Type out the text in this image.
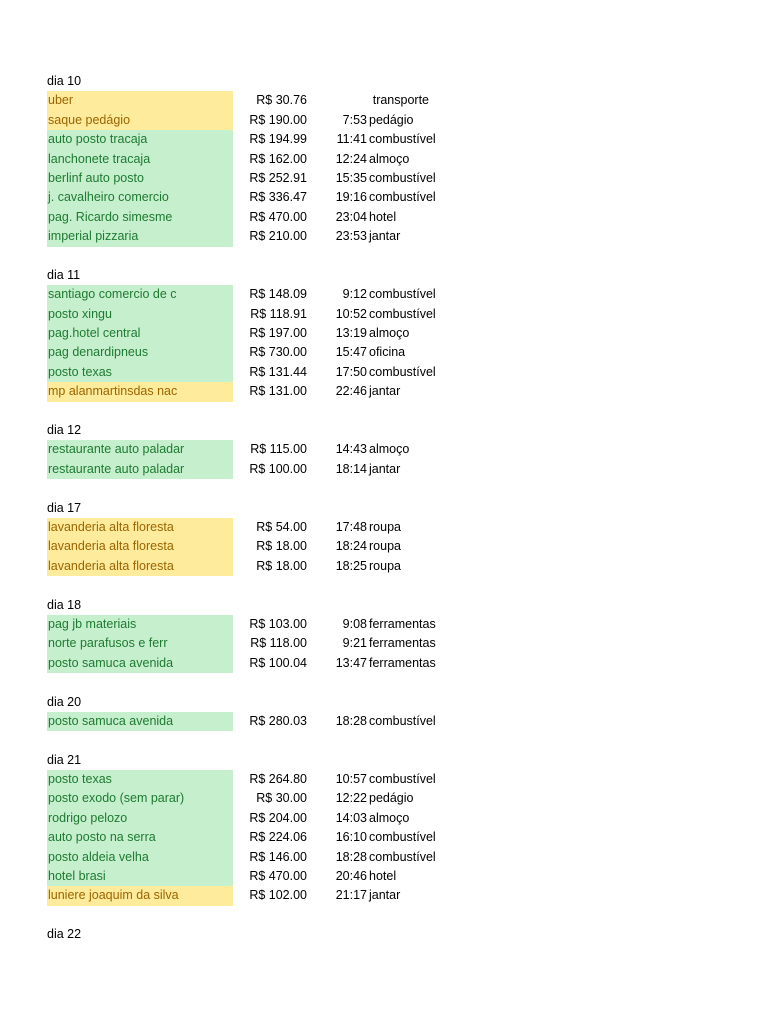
dia 10
uber	R$ 30.76	transporte
saque pedágio	R$ 190.00	7:53 pedágio
auto posto tracaja	R$ 194.99	11:41 combustível
lanchonete tracaja	R$ 162.00	12:24 almoço
berlinf auto posto	R$ 252.91	15:35 combustível
j. cavalheiro comercio	R$ 336.47	19:16 combustível
pag. Ricardo simesme	R$ 470.00	23:04 hotel
imperial pizzaria	R$ 210.00	23:53 jantar
dia 11
santiago comercio de c	R$ 148.09	9:12 combustível
posto xingu	R$ 118.91	10:52 combustível
pag.hotel central	R$ 197.00	13:19 almoço
pag denardipneus	R$ 730.00	15:47 oficina
posto texas	R$ 131.44	17:50 combustível
mp alanmartinsdas nac	R$ 131.00	22:46 jantar
dia 12
restaurante auto paladar	R$ 115.00	14:43 almoço
restaurante auto paladar	R$ 100.00	18:14 jantar
dia 17
lavanderia alta floresta	R$ 54.00	17:48 roupa
lavanderia alta floresta	R$ 18.00	18:24 roupa
lavanderia alta floresta	R$ 18.00	18:25 roupa
dia 18
pag jb materiais	R$ 103.00	9:08 ferramentas
norte parafusos e ferr	R$ 118.00	9:21 ferramentas
posto samuca avenida	R$ 100.04	13:47 ferramentas
dia 20
posto samuca avenida	R$ 280.03	18:28 combustível
dia 21
posto texas	R$ 264.80	10:57 combustível
posto exodo (sem parar)	R$ 30.00	12:22 pedágio
rodrigo pelozo	R$ 204.00	14:03 almoço
auto posto na serra	R$ 224.06	16:10 combustível
posto aldeia velha	R$ 146.00	18:28 combustível
hotel brasi	R$ 470.00	20:46 hotel
luniere joaquim da silva	R$ 102.00	21:17 jantar
dia 22
